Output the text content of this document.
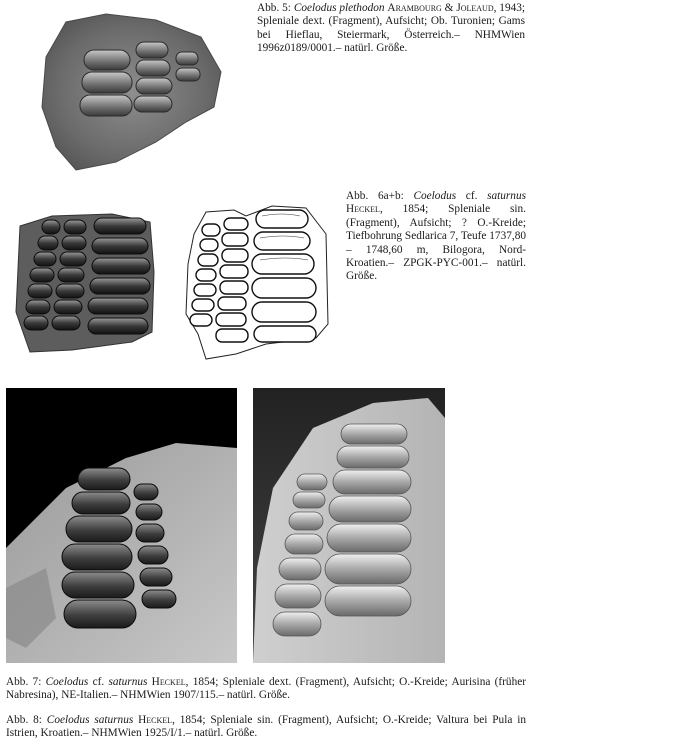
Abb. 5: Coelodus plethodon Arambourg & Joleaud, 1943; Spleniale dext. (Fragment), Aufsicht; Ob. Turonien; Gams bei Hieflau, Steiermark, Österreich.– NHMWien 1996z0189/0001.– natürl. Größe.
Abb. 6a+b: Coelodus cf. saturnus Heckel, 1854; Spleniale sin. (Fragment), Aufsicht; ? O.-Kreide; Tiefbohrung Sedlarica 7, Teufe 1737,80 – 1748,60 m, Bilogora, Nord-Kroatien.– ZPGK-PYC-001.– natürl. Größe.
Abb. 7: Coelodus cf. saturnus Heckel, 1854; Spleniale dext. (Fragment), Aufsicht; O.-Kreide; Aurisina (früher Nabresina), NE-Italien.– NHMWien 1907/115.– natürl. Größe.
Abb. 8: Coelodus saturnus Heckel, 1854; Spleniale sin. (Fragment), Aufsicht; O.-Kreide; Valtura bei Pula in Istrien, Kroatien.– NHMWien 1925/I/1.– natürl. Größe.
